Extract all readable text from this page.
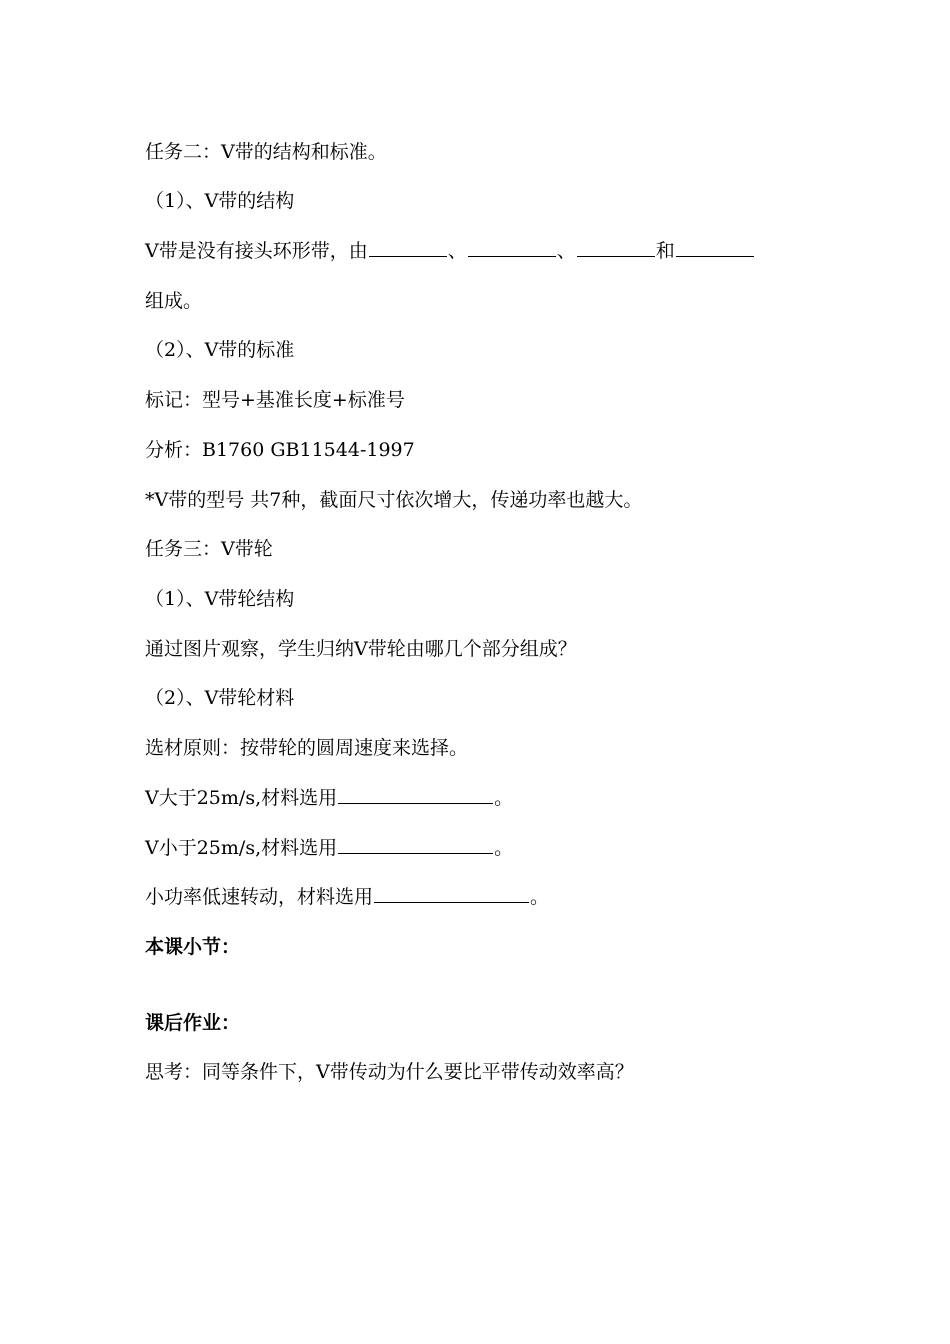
任务二：V带的结构和标准。
（1）、V带的结构
V带是没有接头环形带，由	、	、	和
组成。
（2）、V带的标准
标记：型号+基准长度+标准号
分析：B1760 GB11544-1997
*V带的型号 共7种，截面尺寸依次增大，传递功率也越大。
任务三：V带轮
（1）、V带轮结构
通过图片观察，学生归纳V带轮由哪几个部分组成？
（2）、V带轮材料
选材原则：按带轮的圆周速度来选择。
V大于25m/s,材料选用	。
V小于25m/s,材料选用	。
小功率低速转动，材料选用	。
本课小节：
课后作业：
思考：同等条件下，V带传动为什么要比平带传动效率高？
